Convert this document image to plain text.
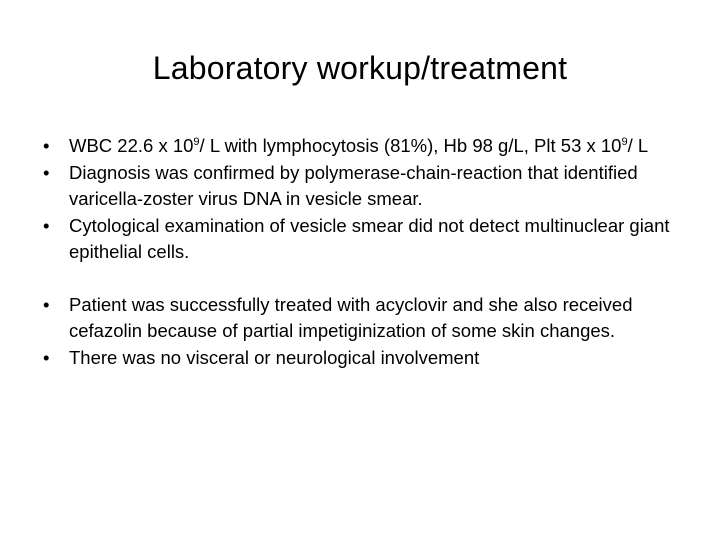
Laboratory workup/treatment
•	WBC 22.6 x $10^9/$ L with lymphocytosis (81%), Hb 98 g/L, Plt 53 x $10^9/$ L
•	Diagnosis was confirmed by polymerase-chain-reaction that identified varicella-zoster virus DNA in vesicle smear.
•	Cytological examination of vesicle smear did not detect multinuclear giant epithelial cells.
•	Patient was successfully treated with acyclovir and she also received cefazolin because of partial impetiginization of some skin changes.
•	There was no visceral or neurological involvement
